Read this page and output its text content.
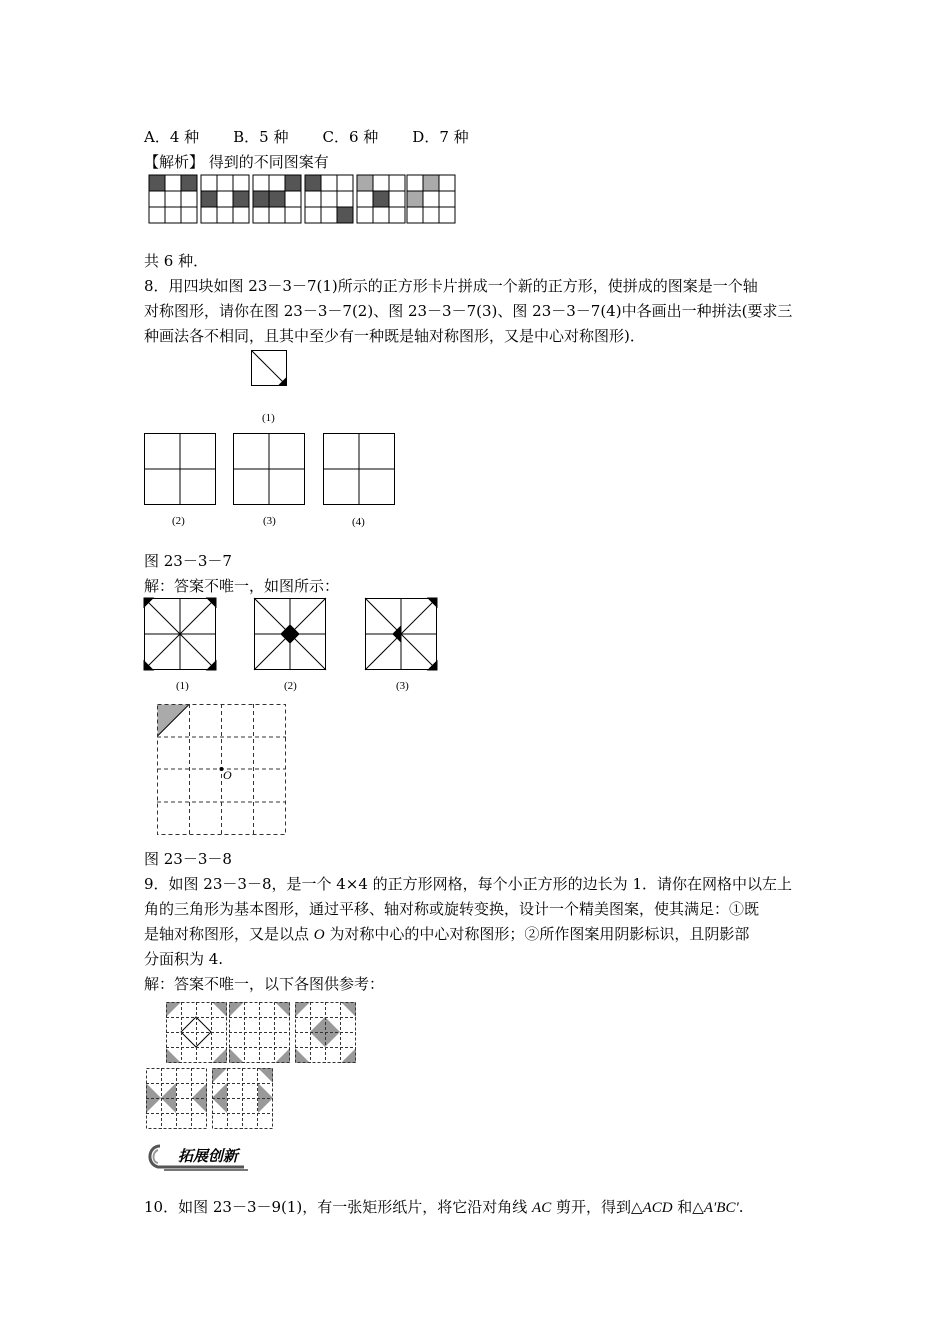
A．4 种 B．5 种 C．6 种 D．7 种
【解析】 得到的不同图案有
共 6 种．
8．用四块如图 23－3－7(1)所示的正方形卡片拼成一个新的正方形，使拼成的图案是一个轴
对称图形，请你在图 23－3－7(2)、图 23－3－7(3)、图 23－3－7(4)中各画出一种拼法(要求三
种画法各不相同，且其中至少有一种既是轴对称图形，又是中心对称图形)．
(1)
(2)	(3)	(4)
图 23－3－7
解：答案不唯一，如图所示：
(1)	(2)	(3)
O
图 23－3－8
9．如图 23－3－8，是一个 4×4 的正方形网格，每个小正方形的边长为 1．请你在网格中以左上
角的三角形为基本图形，通过平移、轴对称或旋转变换，设计一个精美图案，使其满足：①既
是轴对称图形，又是以点 O 为对称中心的中心对称图形；②所作图案用阴影标识，且阴影部
分面积为 4.
解：答案不唯一，以下各图供参考：
拓展创新
10．如图 23－3－9(1)，有一张矩形纸片，将它沿对角线 AC 剪开，得到△ACD 和△A′BC′.
